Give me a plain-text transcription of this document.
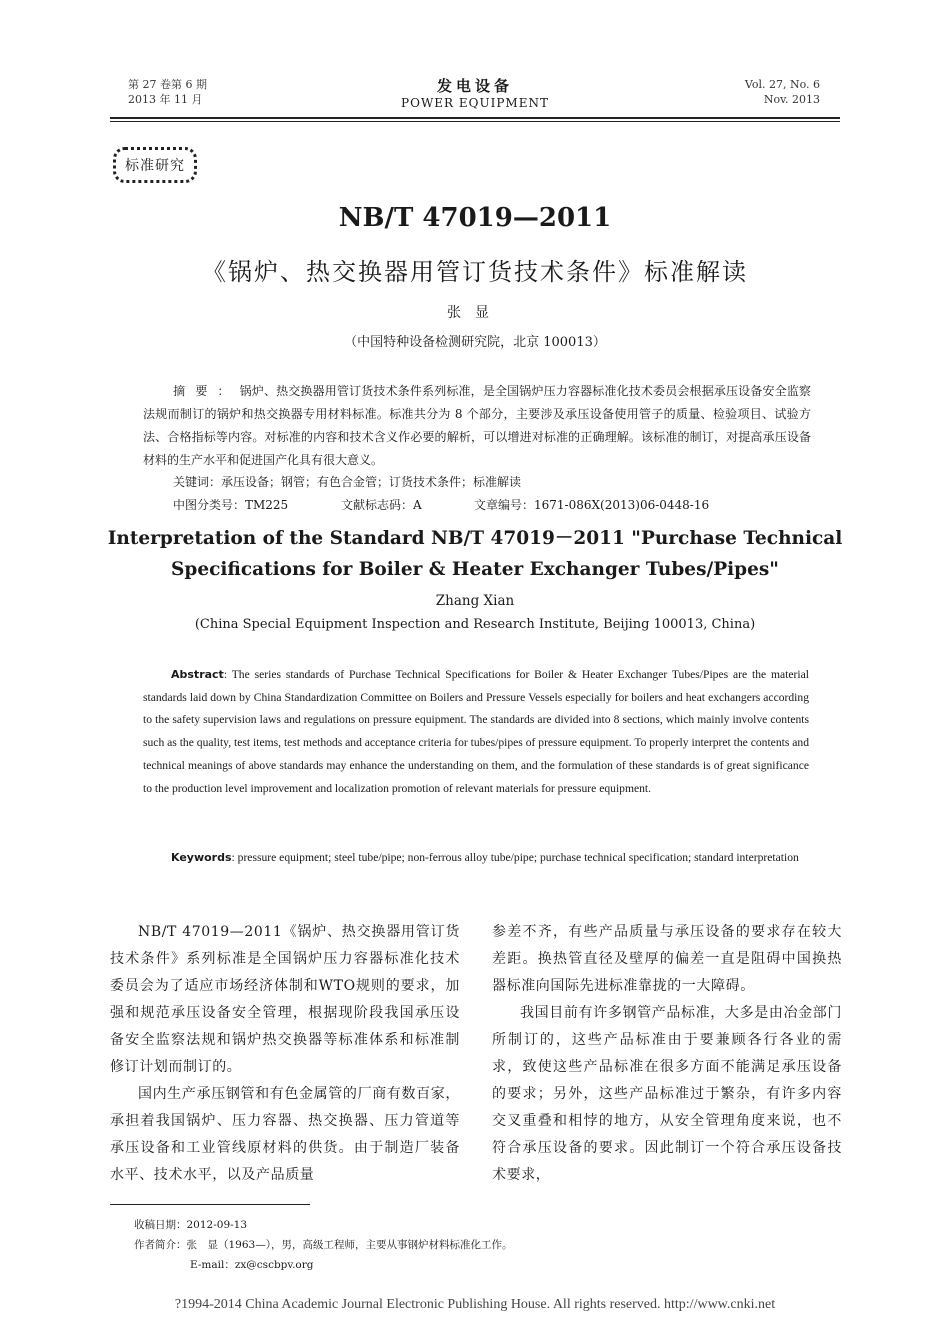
第 27 卷第 6 期
2013 年 11 月
发电设备
POWER EQUIPMENT
Vol. 27, No. 6
Nov. 2013
标准研究
NB/T 47019—2011
《锅炉、热交换器用管订货技术条件》标准解读
张显
（中国特种设备检测研究院，北京 100013）
摘要：锅炉、热交换器用管订货技术条件系列标准，是全国锅炉压力容器标准化技术委员会根据承压设备安全监察法规而制订的锅炉和热交换器专用材料标准。标准共分为 8 个部分，主要涉及承压设备使用管子的质量、检验项目、试验方法、合格指标等内容。对标准的内容和技术含义作必要的解析，可以增进对标准的正确理解。该标准的制订，对提高承压设备材料的生产水平和促进国产化具有很大意义。
关键词：承压设备；钢管；有色合金管；订货技术条件；标准解读
中图分类号：TM225	文献标志码：A	文章编号：1671-086X(2013)06-0448-16
Interpretation of the Standard NB/T 47019－2011 "Purchase Technical
Specifications for Boiler & Heater Exchanger Tubes/Pipes"
Zhang Xian
(China Special Equipment Inspection and Research Institute, Beijing 100013, China)
Abstract: The series standards of Purchase Technical Specifications for Boiler & Heater Exchanger Tubes/Pipes are the material standards laid down by China Standardization Committee on Boilers and Pressure Vessels especially for boilers and heat exchangers according to the safety supervision laws and regulations on pressure equipment. The standards are divided into 8 sections, which mainly involve contents such as the quality, test items, test methods and acceptance criteria for tubes/pipes of pressure equipment. To properly interpret the contents and technical meanings of above standards may enhance the understanding on them, and the formulation of these standards is of great significance to the production level improvement and localization promotion of relevant materials for pressure equipment.
Keywords: pressure equipment; steel tube/pipe; non-ferrous alloy tube/pipe; purchase technical specification; standard interpretation

NB/T 47019—2011《锅炉、热交换器用管订货技术条件》系列标准是全国锅炉压力容器标准化技术委员会为了适应市场经济体制和WTO规则的要求，加强和规范承压设备安全管理，根据现阶段我国承压设备安全监察法规和锅炉热交换器等标准体系和标准制修订计划而制订的。

国内生产承压钢管和有色金属管的厂商有数百家，承担着我国锅炉、压力容器、热交换器、压力管道等承压设备和工业管线原材料的供货。由于制造厂装备水平、技术水平，以及产品质量

参差不齐，有些产品质量与承压设备的要求存在较大差距。换热管直径及壁厚的偏差一直是阻碍中国换热器标准向国际先进标准靠拢的一大障碍。

我国目前有许多钢管产品标准，大多是由冶金部门所制订的，这些产品标准由于要兼顾各行各业的需求，致使这些产品标准在很多方面不能满足承压设备的要求；另外，这些产品标准过于繁杂，有许多内容交叉重叠和相悖的地方，从安全管理角度来说，也不符合承压设备的要求。因此制订一个符合承压设备技术要求，

收稿日期：2012-09-13
作者简介：张　显（1963—），男，高级工程师，主要从事钢炉材料标准化工作。
E-mail：zx@cscbpv.org
?1994-2014 China Academic Journal Electronic Publishing House. All rights reserved. http://www.cnki.net
